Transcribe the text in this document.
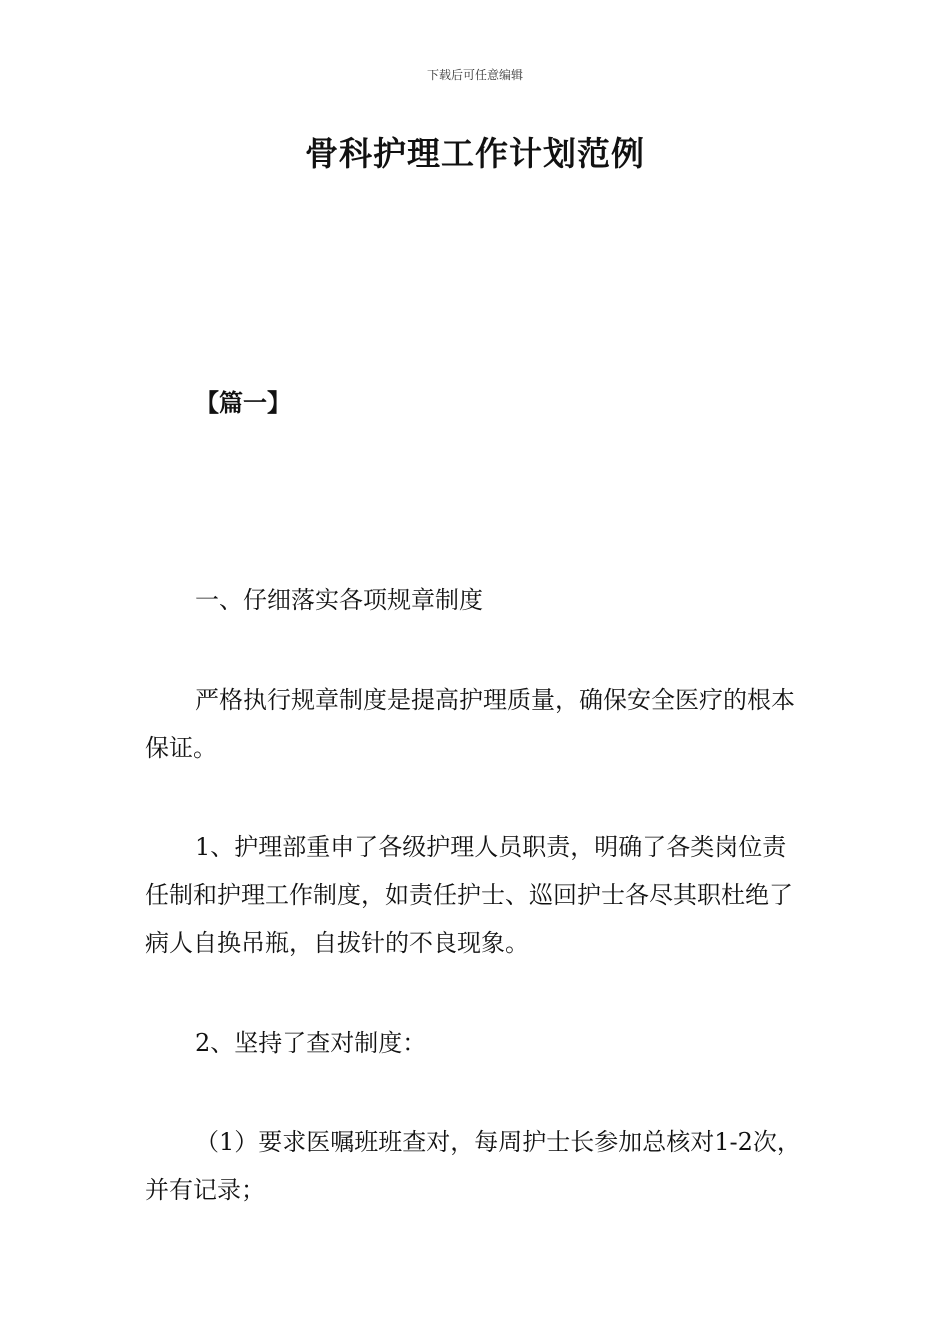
下载后可任意编辑
骨科护理工作计划范例
【篇一】

一、仔细落实各项规章制度

严格执行规章制度是提高护理质量，确保安全医疗的根本保证。

1、护理部重申了各级护理人员职责，明确了各类岗位责任制和护理工作制度，如责任护士、巡回护士各尽其职杜绝了病人自换吊瓶，自拔针的不良现象。

2、坚持了查对制度：

（1）要求医嘱班班查对，每周护士长参加总核对1-2次，并有记录；
